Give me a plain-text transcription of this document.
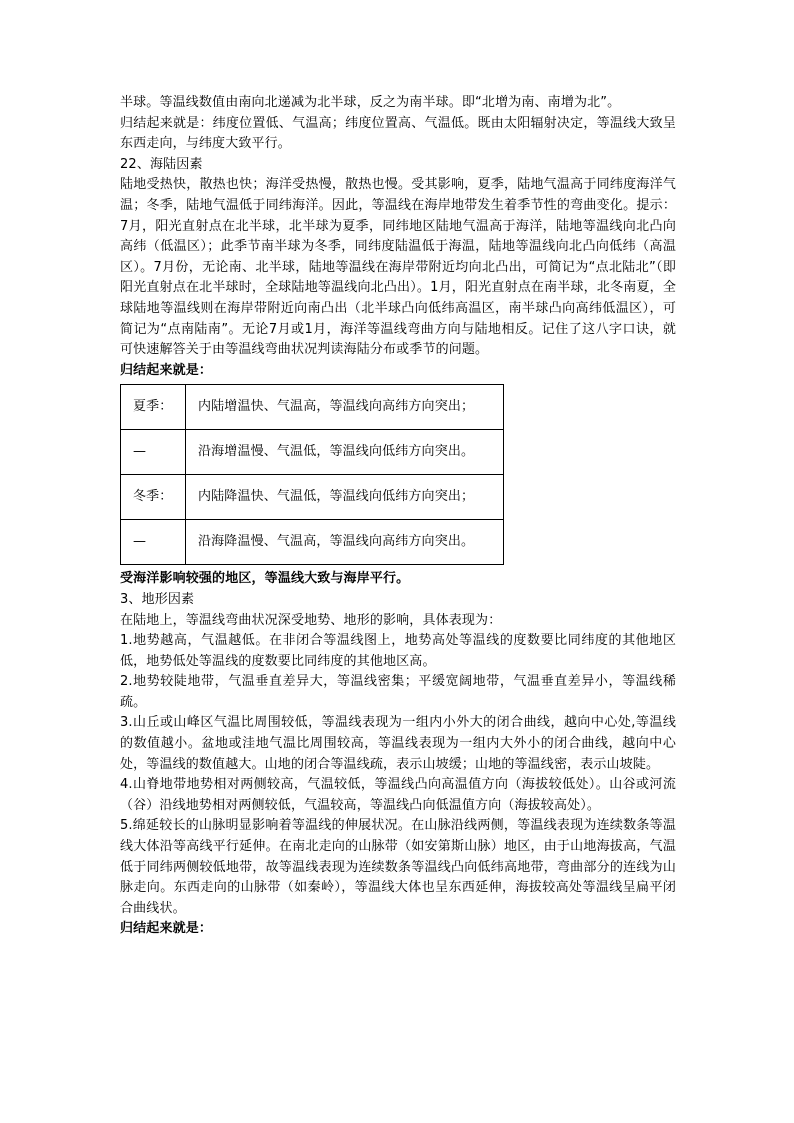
半球。等温线数值由南向北递减为北半球，反之为南半球。即“北增为南、南增为北”。

归结起来就是：纬度位置低、气温高；纬度位置高、气温低。既由太阳辐射决定，等温线大致呈东西走向，与纬度大致平行。

22、海陆因素

陆地受热快，散热也快；海洋受热慢，散热也慢。受其影响，夏季，陆地气温高于同纬度海洋气温；冬季，陆地气温低于同纬海洋。因此，等温线在海岸地带发生着季节性的弯曲变化。提示：7月，阳光直射点在北半球，北半球为夏季，同纬地区陆地气温高于海洋，陆地等温线向北凸向高纬（低温区）；此季节南半球为冬季，同纬度陆温低于海温，陆地等温线向北凸向低纬（高温区）。7月份，无论南、北半球，陆地等温线在海岸带附近均向北凸出，可简记为“点北陆北”（即阳光直射点在北半球时，全球陆地等温线向北凸出）。1月，阳光直射点在南半球，北冬南夏，全球陆地等温线则在海岸带附近向南凸出（北半球凸向低纬高温区，南半球凸向高纬低温区），可简记为“点南陆南”。无论7月或1月，海洋等温线弯曲方向与陆地相反。记住了这八字口诀，就可快速解答关于由等温线弯曲状况判读海陆分布或季节的问题。

归结起来就是：

夏季：	内陆增温快、气温高，等温线向高纬方向突出；
—	沿海增温慢、气温低，等温线向低纬方向突出。
冬季：	内陆降温快、气温低，等温线向低纬方向突出；
—	沿海降温慢、气温高，等温线向高纬方向突出。

受海洋影响较强的地区，等温线大致与海岸平行。

3、地形因素

在陆地上，等温线弯曲状况深受地势、地形的影响，具体表现为：

1.地势越高，气温越低。在非闭合等温线图上，地势高处等温线的度数要比同纬度的其他地区低，地势低处等温线的度数要比同纬度的其他地区高。

2.地势较陡地带，气温垂直差异大，等温线密集；平缓宽阔地带，气温垂直差异小，等温线稀疏。

3.山丘或山峰区气温比周围较低，等温线表现为一组内小外大的闭合曲线，越向中心处,等温线的数值越小。盆地或洼地气温比周围较高，等温线表现为一组内大外小的闭合曲线，越向中心处，等温线的数值越大。山地的闭合等温线疏，表示山坡缓；山地的等温线密，表示山坡陡。

4.山脊地带地势相对两侧较高，气温较低，等温线凸向高温值方向（海拔较低处）。山谷或河流（谷）沿线地势相对两侧较低，气温较高，等温线凸向低温值方向（海拔较高处）。

5.绵延较长的山脉明显影响着等温线的伸展状况。在山脉沿线两侧，等温线表现为连续数条等温线大体沿等高线平行延伸。在南北走向的山脉带（如安第斯山脉）地区，由于山地海拔高，气温低于同纬两侧较低地带，故等温线表现为连续数条等温线凸向低纬高地带，弯曲部分的连线为山脉走向。东西走向的山脉带（如秦岭），等温线大体也呈东西延伸，海拔较高处等温线呈扁平闭合曲线状。

归结起来就是：
